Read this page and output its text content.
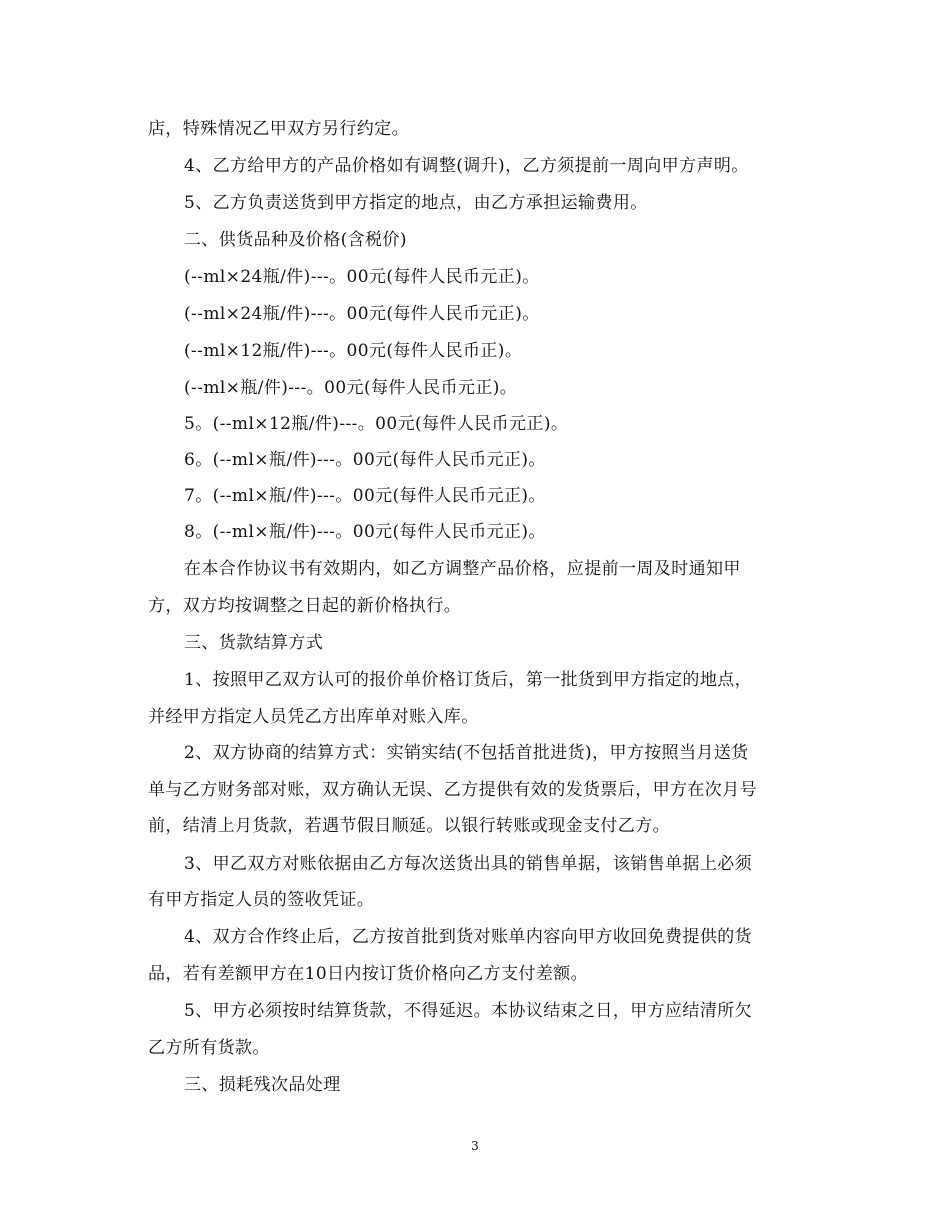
店，特殊情况乙甲双方另行约定。
4、乙方给甲方的产品价格如有调整(调升)，乙方须提前一周向甲方声明。
5、乙方负责送货到甲方指定的地点，由乙方承担运输费用。
二、供货品种及价格(含税价)
(--ml×24瓶/件)---。00元(每件人民币元正)。
(--ml×24瓶/件)---。00元(每件人民币元正)。
(--ml×12瓶/件)---。00元(每件人民币正)。
(--ml×瓶/件)---。00元(每件人民币元正)。
5。(--ml×12瓶/件)---。00元(每件人民币元正)。
6。(--ml×瓶/件)---。00元(每件人民币元正)。
7。(--ml×瓶/件)---。00元(每件人民币元正)。
8。(--ml×瓶/件)---。00元(每件人民币元正)。
在本合作协议书有效期内，如乙方调整产品价格，应提前一周及时通知甲
方，双方均按调整之日起的新价格执行。
三、货款结算方式
1、按照甲乙双方认可的报价单价格订货后，第一批货到甲方指定的地点，
并经甲方指定人员凭乙方出库单对账入库。
2、双方协商的结算方式：实销实结(不包括首批进货)，甲方按照当月送货
单与乙方财务部对账，双方确认无误、乙方提供有效的发货票后，甲方在次月号
前，结清上月货款，若遇节假日顺延。以银行转账或现金支付乙方。
3、甲乙双方对账依据由乙方每次送货出具的销售单据，该销售单据上必须
有甲方指定人员的签收凭证。
4、双方合作终止后，乙方按首批到货对账单内容向甲方收回免费提供的货
品，若有差额甲方在10日内按订货价格向乙方支付差额。
5、甲方必须按时结算货款，不得延迟。本协议结束之日，甲方应结清所欠
乙方所有货款。
三、损耗残次品处理
3
